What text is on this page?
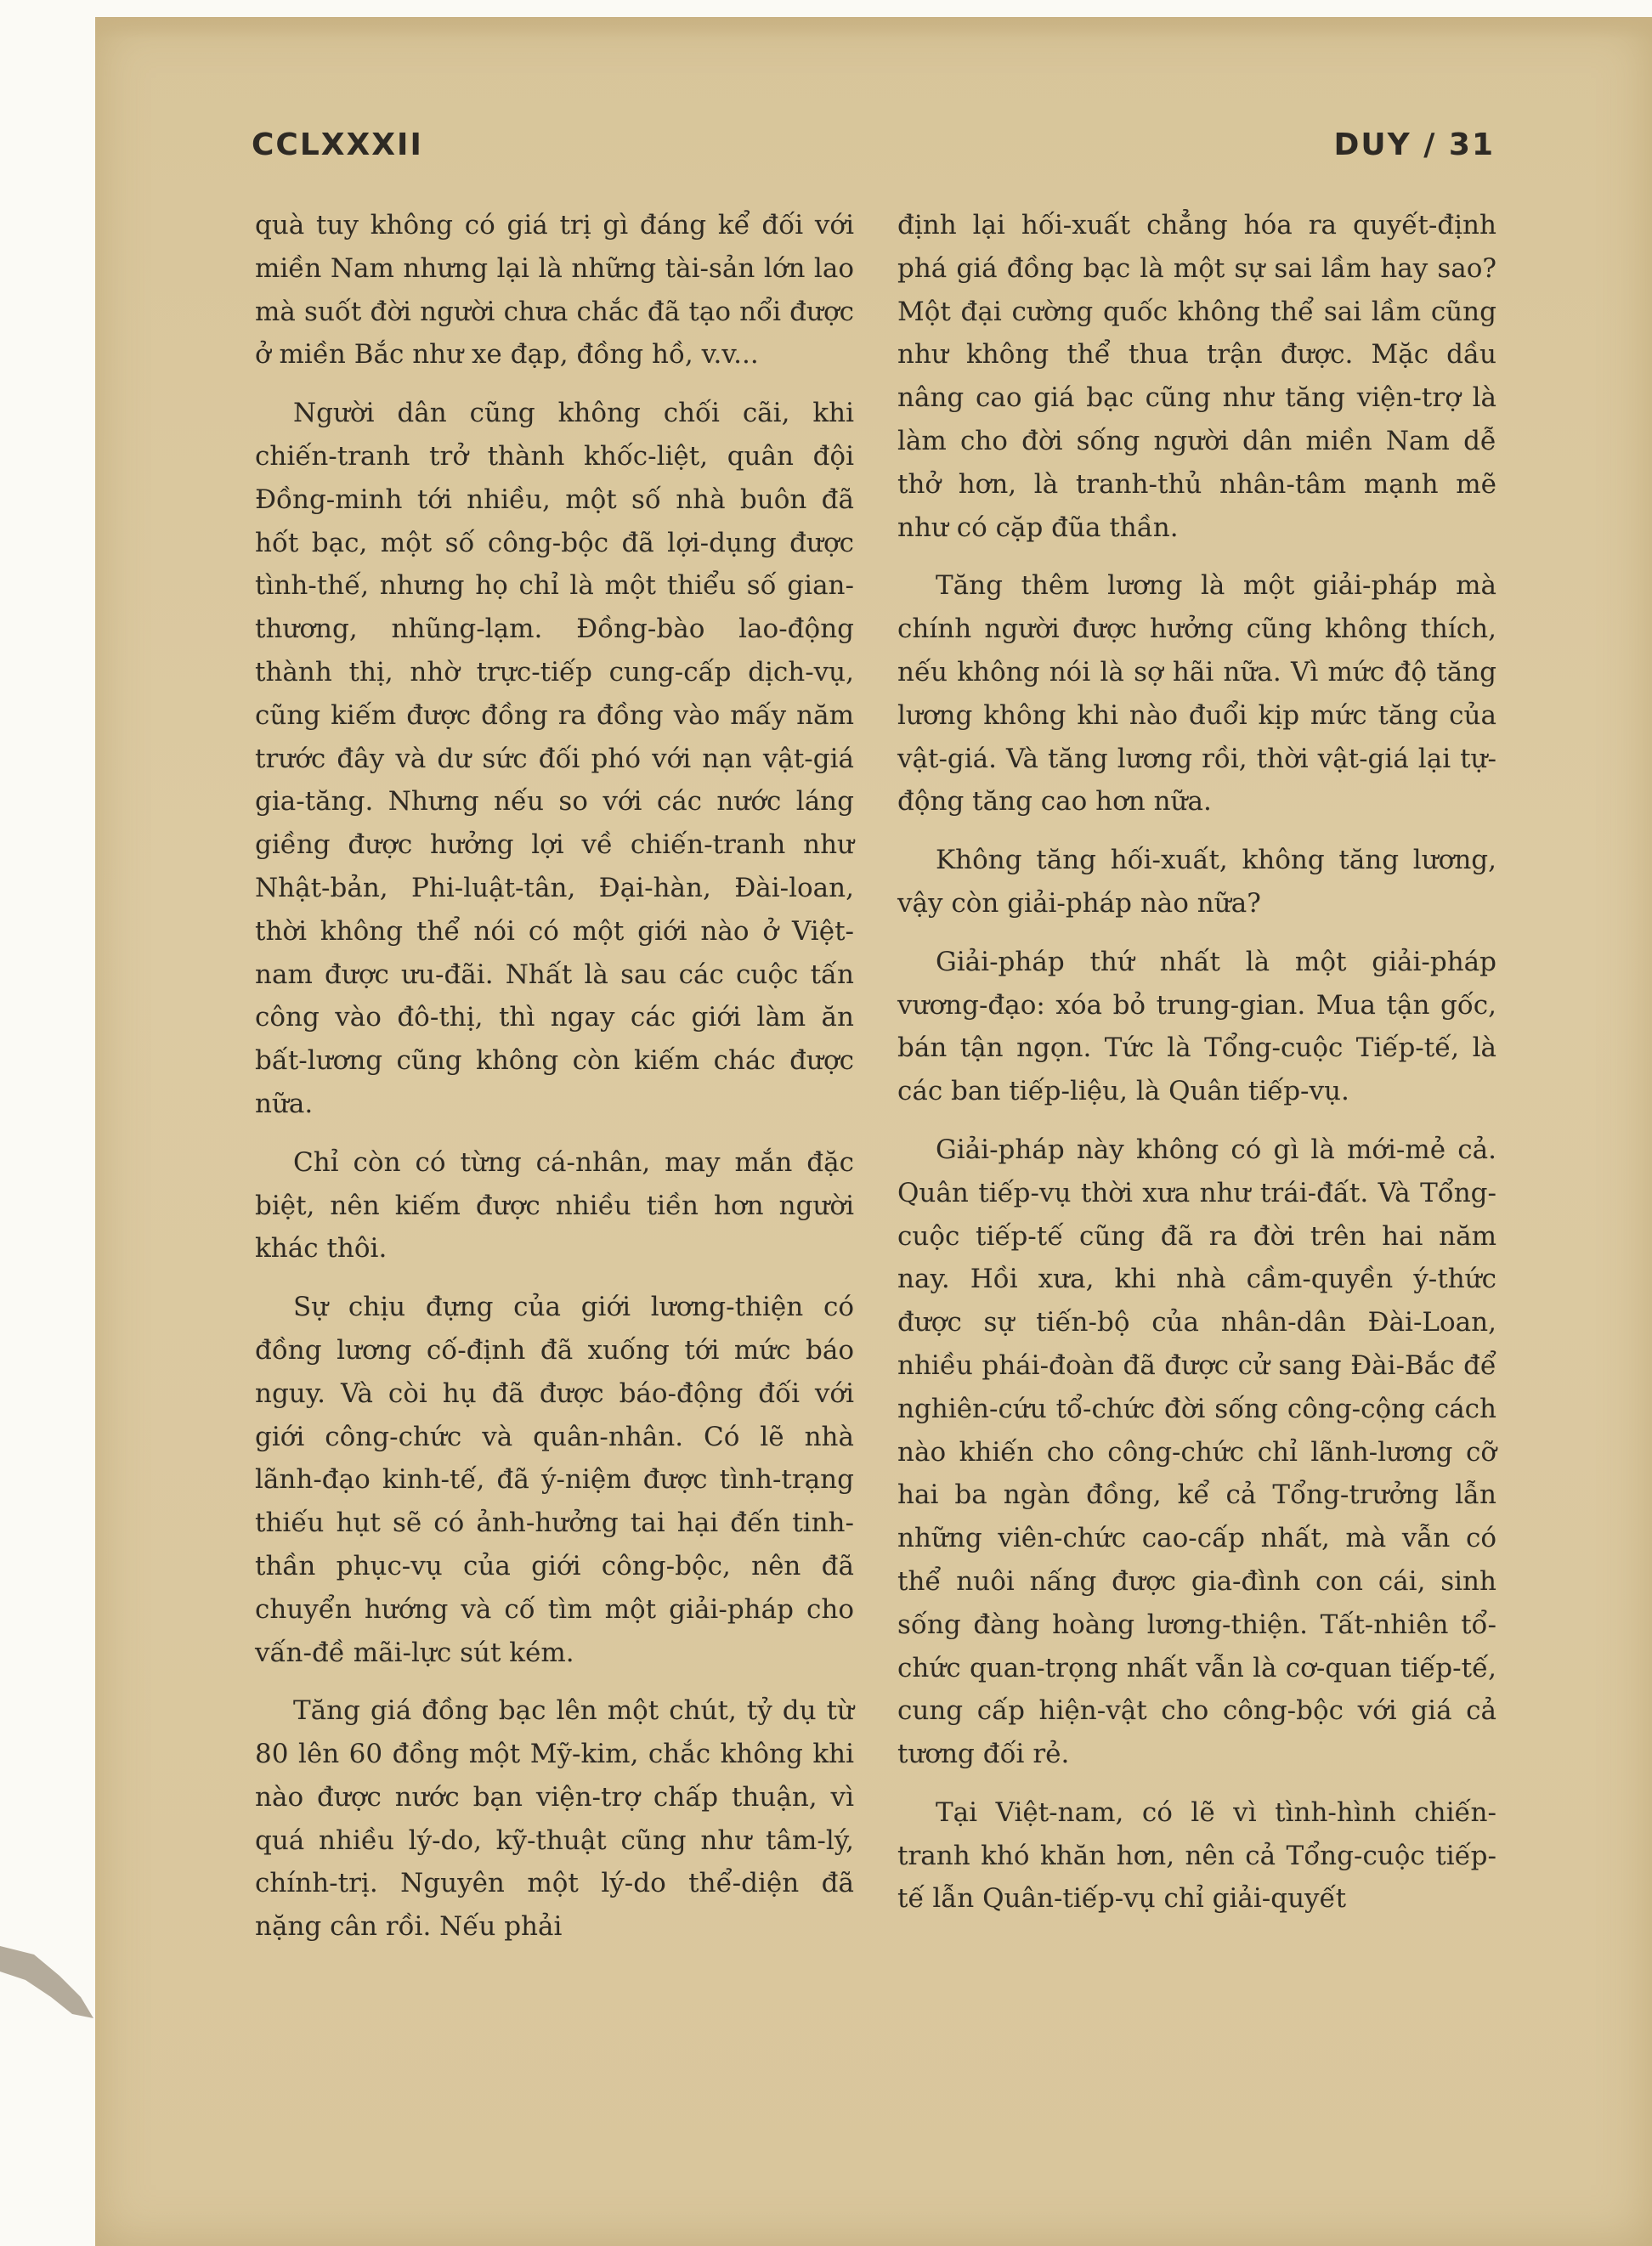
CCLXXXII	DUY / 31

quà tuy không có giá trị gì đáng kể đối với miền Nam nhưng lại là những tài-sản lớn lao mà suốt đời người chưa chắc đã tạo nổi được ở miền Bắc như xe đạp, đồng hồ, v.v...

Người dân cũng không chối cãi, khi chiến-tranh trở thành khốc-liệt, quân đội Đồng-minh tới nhiều, một số nhà buôn đã hốt bạc, một số công-bộc đã lợi-dụng được tình-thế, nhưng họ chỉ là một thiểu số gian-thương, nhũng-lạm. Đồng-bào lao-động thành thị, nhờ trực-tiếp cung-cấp dịch-vụ, cũng kiếm được đồng ra đồng vào mấy năm trước đây và dư sức đối phó với nạn vật-giá gia-tăng. Nhưng nếu so với các nước láng giềng được hưởng lợi về chiến-tranh như Nhật-bản, Phi-luật-tân, Đại-hàn, Đài-loan, thời không thể nói có một giới nào ở Việt-nam được ưu-đãi. Nhất là sau các cuộc tấn công vào đô-thị, thì ngay các giới làm ăn bất-lương cũng không còn kiếm chác được nữa.

Chỉ còn có từng cá-nhân, may mắn đặc biệt, nên kiếm được nhiều tiền hơn người khác thôi.

Sự chịu đựng của giới lương-thiện có đồng lương cố-định đã xuống tới mức báo nguy. Và còi hụ đã được báo-động đối với giới công-chức và quân-nhân. Có lẽ nhà lãnh-đạo kinh-tế, đã ý-niệm được tình-trạng thiếu hụt sẽ có ảnh-hưởng tai hại đến tinh-thần phục-vụ của giới công-bộc, nên đã chuyển hướng và cố tìm một giải-pháp cho vấn-đề mãi-lực sút kém.

Tăng giá đồng bạc lên một chút, tỷ dụ từ 80 lên 60 đồng một Mỹ-kim, chắc không khi nào được nước bạn viện-trợ chấp thuận, vì quá nhiều lý-do, kỹ-thuật cũng như tâm-lý, chính-trị. Nguyên một lý-do thể-diện đã nặng cân rồi. Nếu phải

định lại hối-xuất chẳng hóa ra quyết-định phá giá đồng bạc là một sự sai lầm hay sao? Một đại cường quốc không thể sai lầm cũng như không thể thua trận được. Mặc dầu nâng cao giá bạc cũng như tăng viện-trợ là làm cho đời sống người dân miền Nam dễ thở hơn, là tranh-thủ nhân-tâm mạnh mẽ như có cặp đũa thần.

Tăng thêm lương là một giải-pháp mà chính người được hưởng cũng không thích, nếu không nói là sợ hãi nữa. Vì mức độ tăng lương không khi nào đuổi kịp mức tăng của vật-giá. Và tăng lương rồi, thời vật-giá lại tự-động tăng cao hơn nữa.

Không tăng hối-xuất, không tăng lương, vậy còn giải-pháp nào nữa?

Giải-pháp thứ nhất là một giải-pháp vương-đạo: xóa bỏ trung-gian. Mua tận gốc, bán tận ngọn. Tức là Tổng-cuộc Tiếp-tế, là các ban tiếp-liệu, là Quân tiếp-vụ.

Giải-pháp này không có gì là mới-mẻ cả. Quân tiếp-vụ thời xưa như trái-đất. Và Tổng-cuộc tiếp-tế cũng đã ra đời trên hai năm nay. Hồi xưa, khi nhà cầm-quyền ý-thức được sự tiến-bộ của nhân-dân Đài-Loan, nhiều phái-đoàn đã được cử sang Đài-Bắc để nghiên-cứu tổ-chức đời sống công-cộng cách nào khiến cho công-chức chỉ lãnh-lương cỡ hai ba ngàn đồng, kể cả Tổng-trưởng lẫn những viên-chức cao-cấp nhất, mà vẫn có thể nuôi nấng được gia-đình con cái, sinh sống đàng hoàng lương-thiện. Tất-nhiên tổ-chức quan-trọng nhất vẫn là cơ-quan tiếp-tế, cung cấp hiện-vật cho công-bộc với giá cả tương đối rẻ.

Tại Việt-nam, có lẽ vì tình-hình chiến-tranh khó khăn hơn, nên cả Tổng-cuộc tiếp-tế lẫn Quân-tiếp-vụ chỉ giải-quyết
